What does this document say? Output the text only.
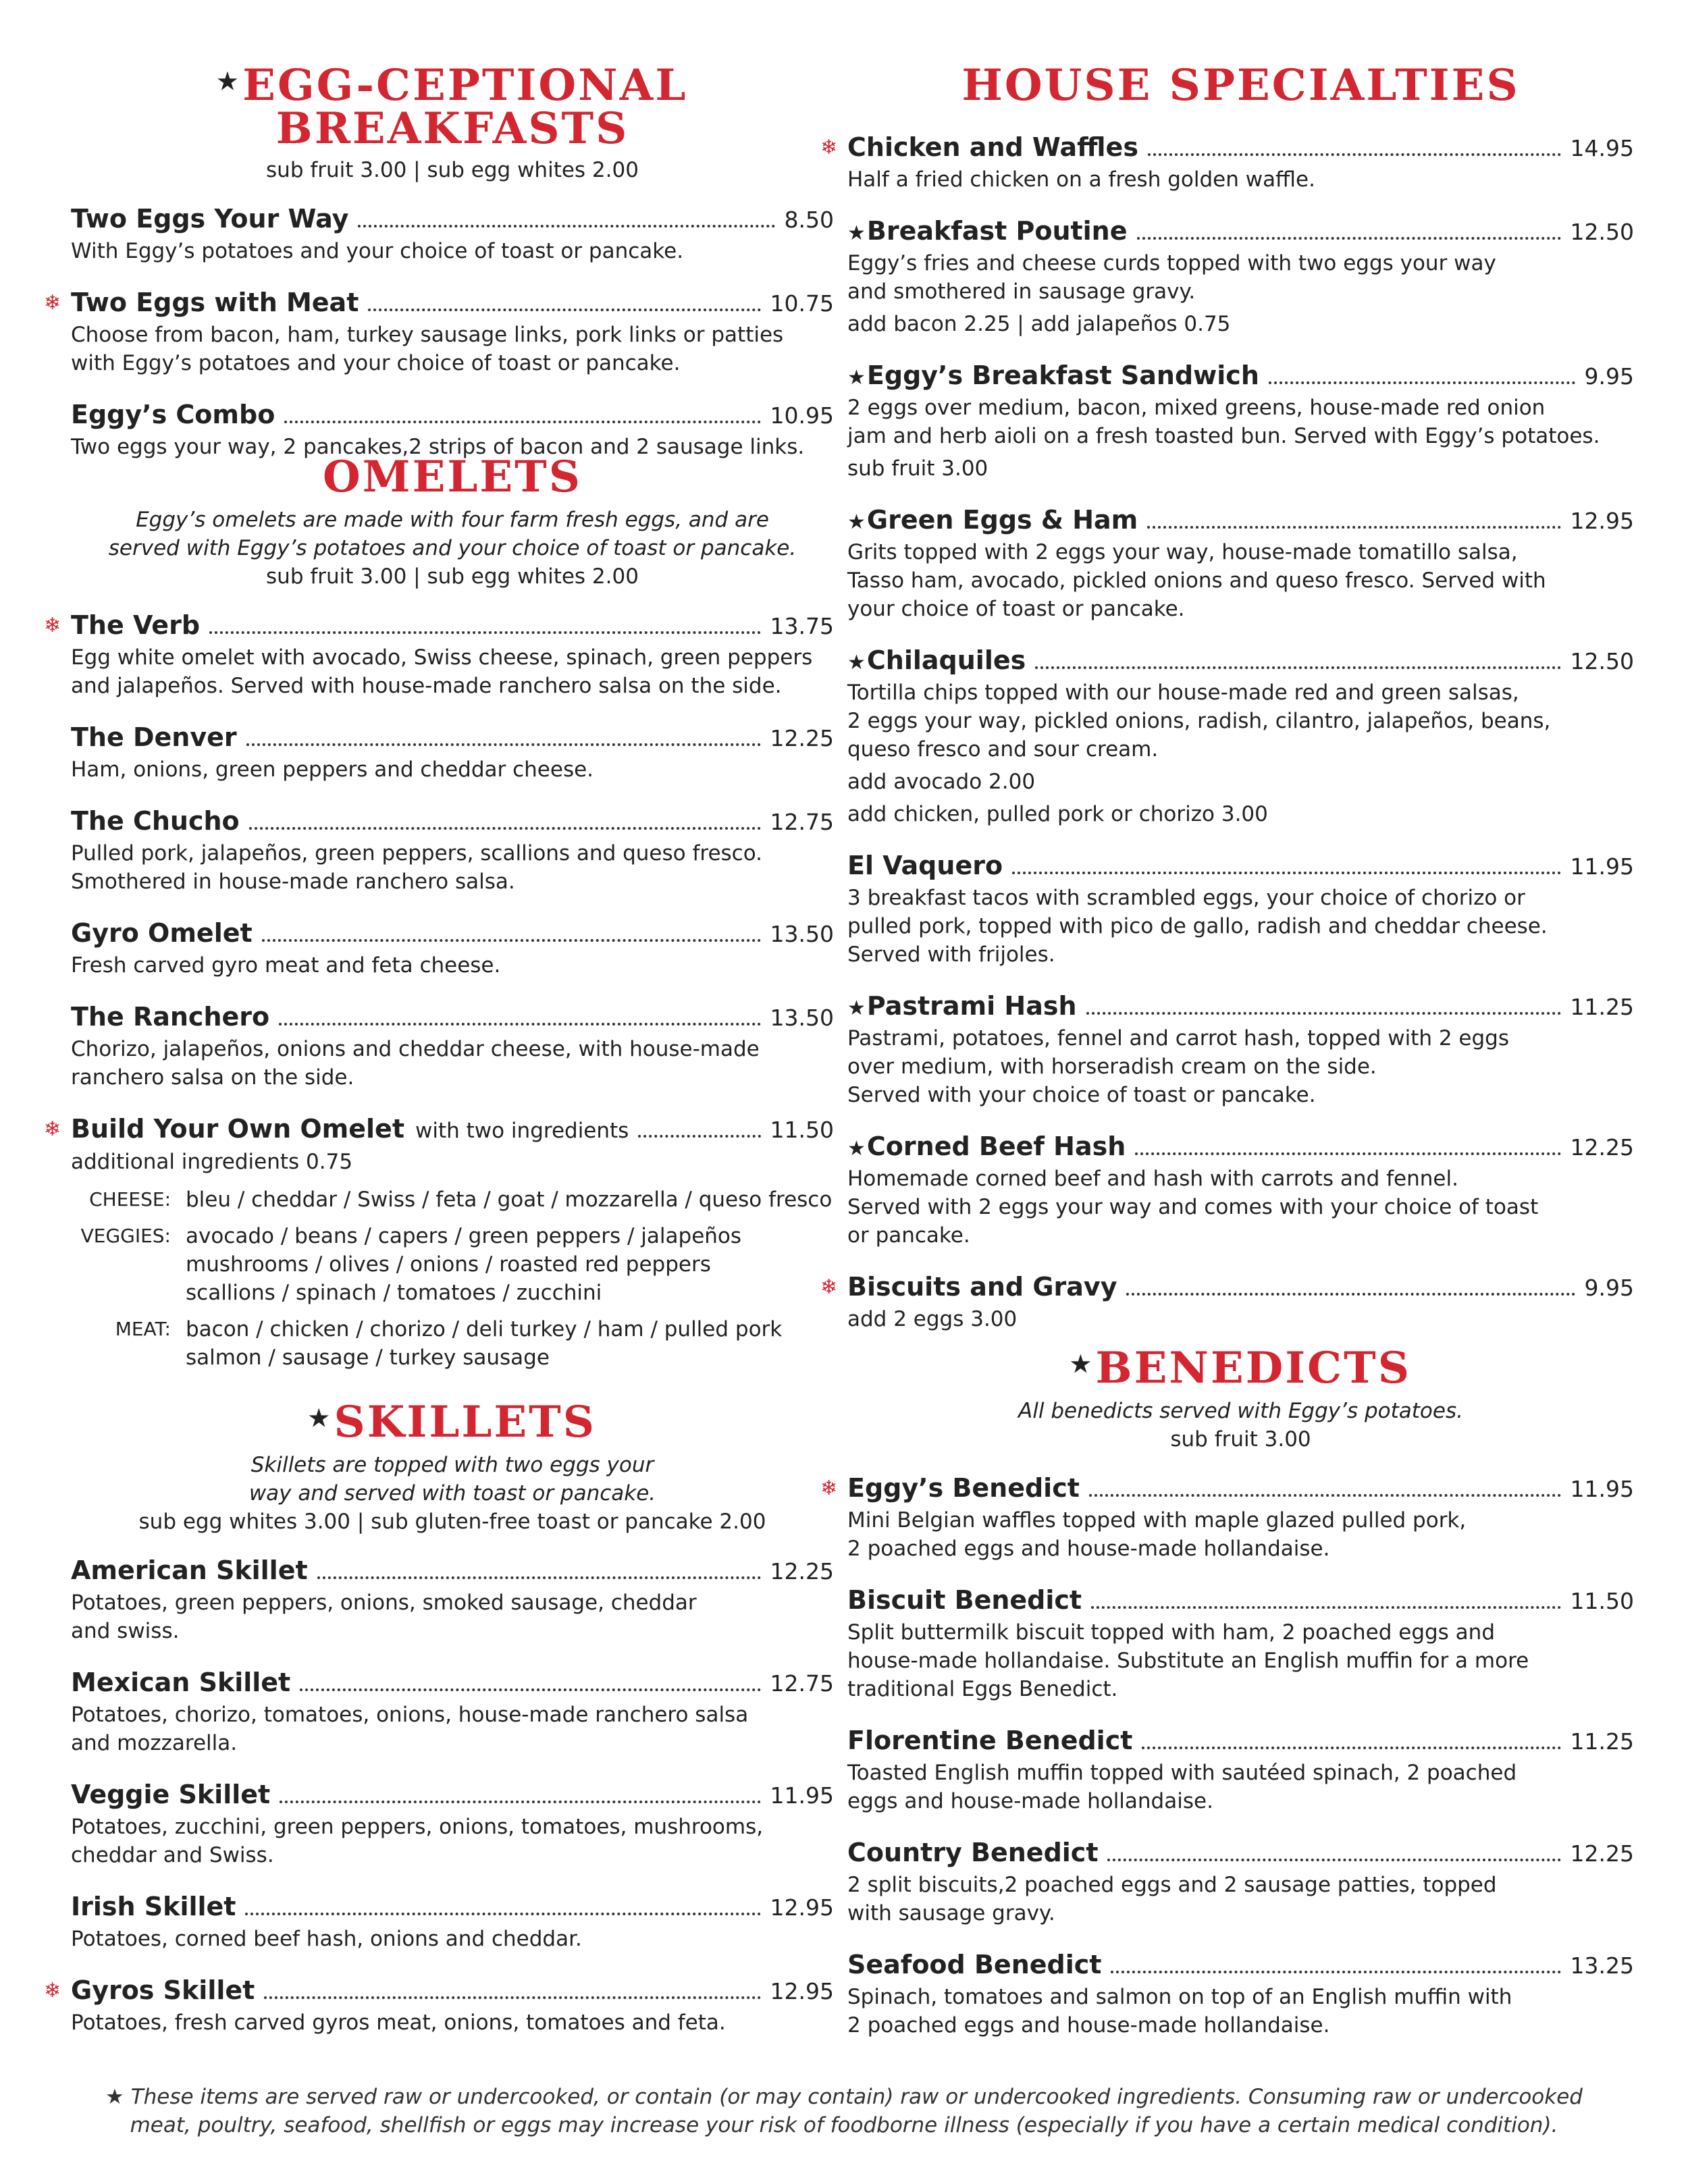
★EGG-CEPTIONAL BREAKFASTS
sub fruit 3.00 | sub egg whites 2.00
Two Eggs Your Way	8.50
With Eggy’s potatoes and your choice of toast or pancake.
❄ Two Eggs with Meat	10.75
Choose from bacon, ham, turkey sausage links, pork links or patties
with Eggy’s potatoes and your choice of toast or pancake.
Eggy’s Combo	10.95
Two eggs your way, 2 pancakes,2 strips of bacon and 2 sausage links.
OMELETS
Eggy’s omelets are made with four farm fresh eggs, and are served with Eggy’s potatoes and your choice of toast or pancake.
sub fruit 3.00 | sub egg whites 2.00
❄ The Verb	13.75
Egg white omelet with avocado, Swiss cheese, spinach, green peppers
and jalapeños. Served with house-made ranchero salsa on the side.
The Denver	12.25
Ham, onions, green peppers and cheddar cheese.
The Chucho	12.75
Pulled pork, jalapeños, green peppers, scallions and queso fresco.
Smothered in house-made ranchero salsa.
Gyro Omelet	13.50
Fresh carved gyro meat and feta cheese.
The Ranchero	13.50
Chorizo, jalapeños, onions and cheddar cheese, with house-made
ranchero salsa on the side.
❄ Build Your Own Omelet with two ingredients	11.50
additional ingredients 0.75
CHEESE: bleu / cheddar / Swiss / feta / goat / mozzarella / queso fresco
VEGGIES: avocado / beans / capers / green peppers / jalapeños
mushrooms / olives / onions / roasted red peppers
scallions / spinach / tomatoes / zucchini
MEAT: bacon / chicken / chorizo / deli turkey / ham / pulled pork
salmon / sausage / turkey sausage
★SKILLETS
Skillets are topped with two eggs your way and served with toast or pancake.
sub egg whites 3.00 | sub gluten-free toast or pancake 2.00
American Skillet	12.25
Potatoes, green peppers, onions, smoked sausage, cheddar
and swiss.
Mexican Skillet	12.75
Potatoes, chorizo, tomatoes, onions, house-made ranchero salsa
and mozzarella.
Veggie Skillet	11.95
Potatoes, zucchini, green peppers, onions, tomatoes, mushrooms,
cheddar and Swiss.
Irish Skillet	12.95
Potatoes, corned beef hash, onions and cheddar.
❄ Gyros Skillet	12.95
Potatoes, fresh carved gyros meat, onions, tomatoes and feta.
HOUSE SPECIALTIES
❄ Chicken and Waffles	14.95
Half a fried chicken on a fresh golden waffle.
★Breakfast Poutine	12.50
Eggy’s fries and cheese curds topped with two eggs your way
and smothered in sausage gravy.
add bacon 2.25 | add jalapeños 0.75
★Eggy’s Breakfast Sandwich	9.95
2 eggs over medium, bacon, mixed greens, house-made red onion
jam and herb aioli on a fresh toasted bun. Served with Eggy’s potatoes.
sub fruit 3.00
★Green Eggs & Ham	12.95
Grits topped with 2 eggs your way, house-made tomatillo salsa,
Tasso ham, avocado, pickled onions and queso fresco. Served with
your choice of toast or pancake.
★Chilaquiles	12.50
Tortilla chips topped with our house-made red and green salsas,
2 eggs your way, pickled onions, radish, cilantro, jalapeños, beans,
queso fresco and sour cream.
add avocado 2.00
add chicken, pulled pork or chorizo 3.00
El Vaquero	11.95
3 breakfast tacos with scrambled eggs, your choice of chorizo or
pulled pork, topped with pico de gallo, radish and cheddar cheese.
Served with frijoles.
★Pastrami Hash	11.25
Pastrami, potatoes, fennel and carrot hash, topped with 2 eggs
over medium, with horseradish cream on the side.
Served with your choice of toast or pancake.
★Corned Beef Hash	12.25
Homemade corned beef and hash with carrots and fennel.
Served with 2 eggs your way and comes with your choice of toast
or pancake.
❄ Biscuits and Gravy	9.95
add 2 eggs 3.00
★BENEDICTS
All benedicts served with Eggy’s potatoes.
sub fruit 3.00
❄ Eggy’s Benedict	11.95
Mini Belgian waffles topped with maple glazed pulled pork,
2 poached eggs and house-made hollandaise.
Biscuit Benedict	11.50
Split buttermilk biscuit topped with ham, 2 poached eggs and
house-made hollandaise. Substitute an English muffin for a more
traditional Eggs Benedict.
Florentine Benedict	11.25
Toasted English muffin topped with sautéed spinach, 2 poached
eggs and house-made hollandaise.
Country Benedict	12.25
2 split biscuits,2 poached eggs and 2 sausage patties, topped
with sausage gravy.
Seafood Benedict	13.25
Spinach, tomatoes and salmon on top of an English muffin with
2 poached eggs and house-made hollandaise.
★ These items are served raw or undercooked, or contain (or may contain) raw or undercooked ingredients. Consuming raw or undercooked meat, poultry, seafood, shellfish or eggs may increase your risk of foodborne illness (especially if you have a certain medical condition).
